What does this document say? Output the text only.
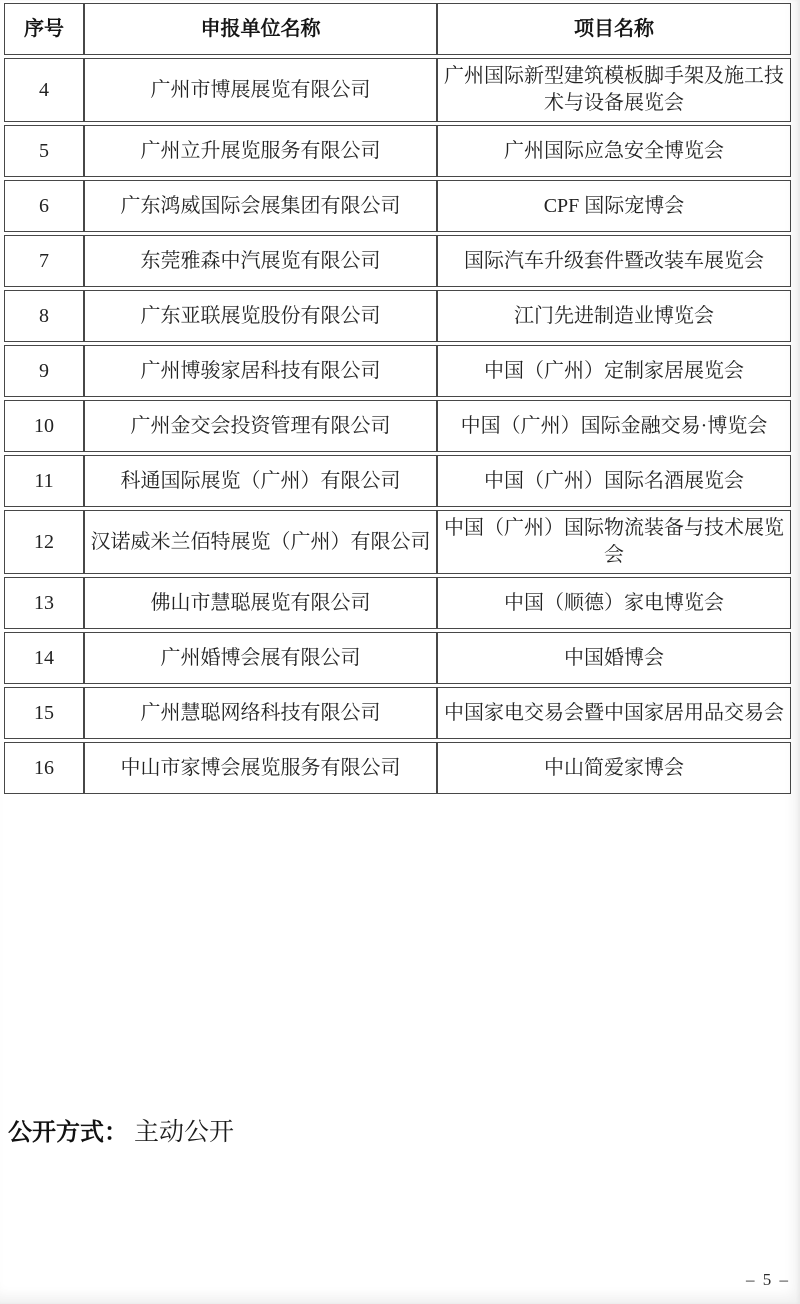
序号	申报单位名称	项目名称
4	广州市博展展览有限公司	广州国际新型建筑模板脚手架及施工技术与设备展览会
5	广州立升展览服务有限公司	广州国际应急安全博览会
6	广东鸿威国际会展集团有限公司	CPF 国际宠博会
7	东莞雅森中汽展览有限公司	国际汽车升级套件暨改装车展览会
8	广东亚联展览股份有限公司	江门先进制造业博览会
9	广州博骏家居科技有限公司	中国（广州）定制家居展览会
10	广州金交会投资管理有限公司	中国（广州）国际金融交易·博览会
11	科通国际展览（广州）有限公司	中国（广州）国际名酒展览会
12	汉诺威米兰佰特展览（广州）有限公司	中国（广州）国际物流装备与技术展览会
13	佛山市慧聪展览有限公司	中国（顺德）家电博览会
14	广州婚博会展有限公司	中国婚博会
15	广州慧聪网络科技有限公司	中国家电交易会暨中国家居用品交易会
16	中山市家博会展览服务有限公司	中山简爱家博会
公开方式： 主动公开
– 5 –
